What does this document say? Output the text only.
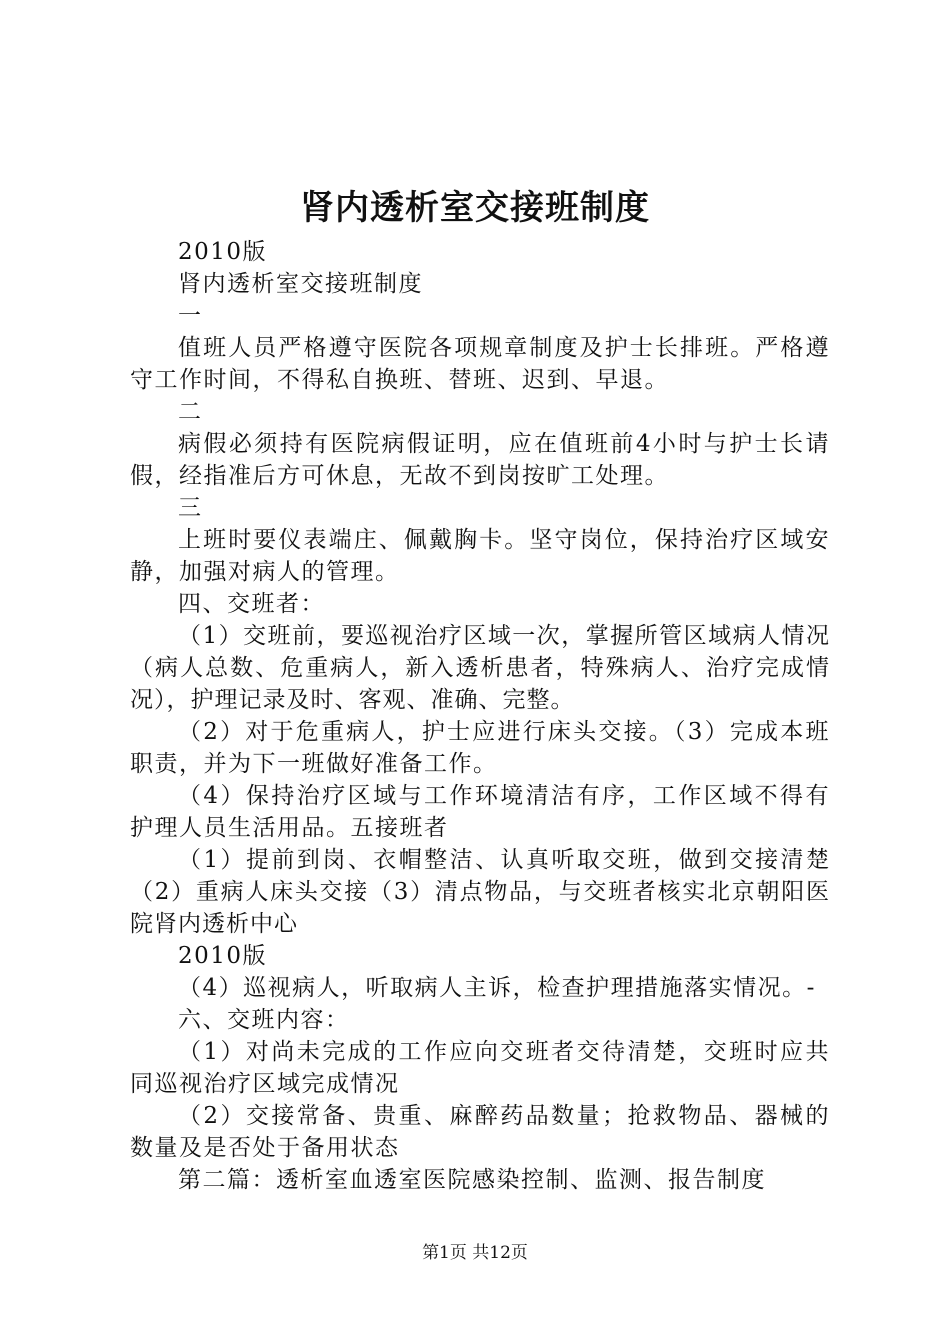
肾内透析室交接班制度

2010版

肾内透析室交接班制度

一

值班人员严格遵守医院各项规章制度及护士长排班。严格遵守工作时间，不得私自换班、替班、迟到、早退。

二

病假必须持有医院病假证明，应在值班前4小时与护士长请假，经指准后方可休息，无故不到岗按旷工处理。

三

上班时要仪表端庄、佩戴胸卡。坚守岗位，保持治疗区域安静，加强对病人的管理。

四、交班者：

（1）交班前，要巡视治疗区域一次，掌握所管区域病人情况（病人总数、危重病人，新入透析患者，特殊病人、治疗完成情况），护理记录及时、客观、准确、完整。

（2）对于危重病人，护士应进行床头交接。（3）完成本班职责，并为下一班做好准备工作。

（4）保持治疗区域与工作环境清洁有序，工作区域不得有护理人员生活用品。五接班者

（1）提前到岗、衣帽整洁、认真听取交班，做到交接清楚（2）重病人床头交接（3）清点物品，与交班者核实北京朝阳医院肾内透析中心

2010版

（4）巡视病人，听取病人主诉，检查护理措施落实情况。-

六、交班内容：

（1）对尚未完成的工作应向交班者交待清楚，交班时应共同巡视治疗区域完成情况

（2）交接常备、贵重、麻醉药品数量；抢救物品、器械的数量及是否处于备用状态

第二篇：透析室血透室医院感染控制、监测、报告制度

第1页 共12页
